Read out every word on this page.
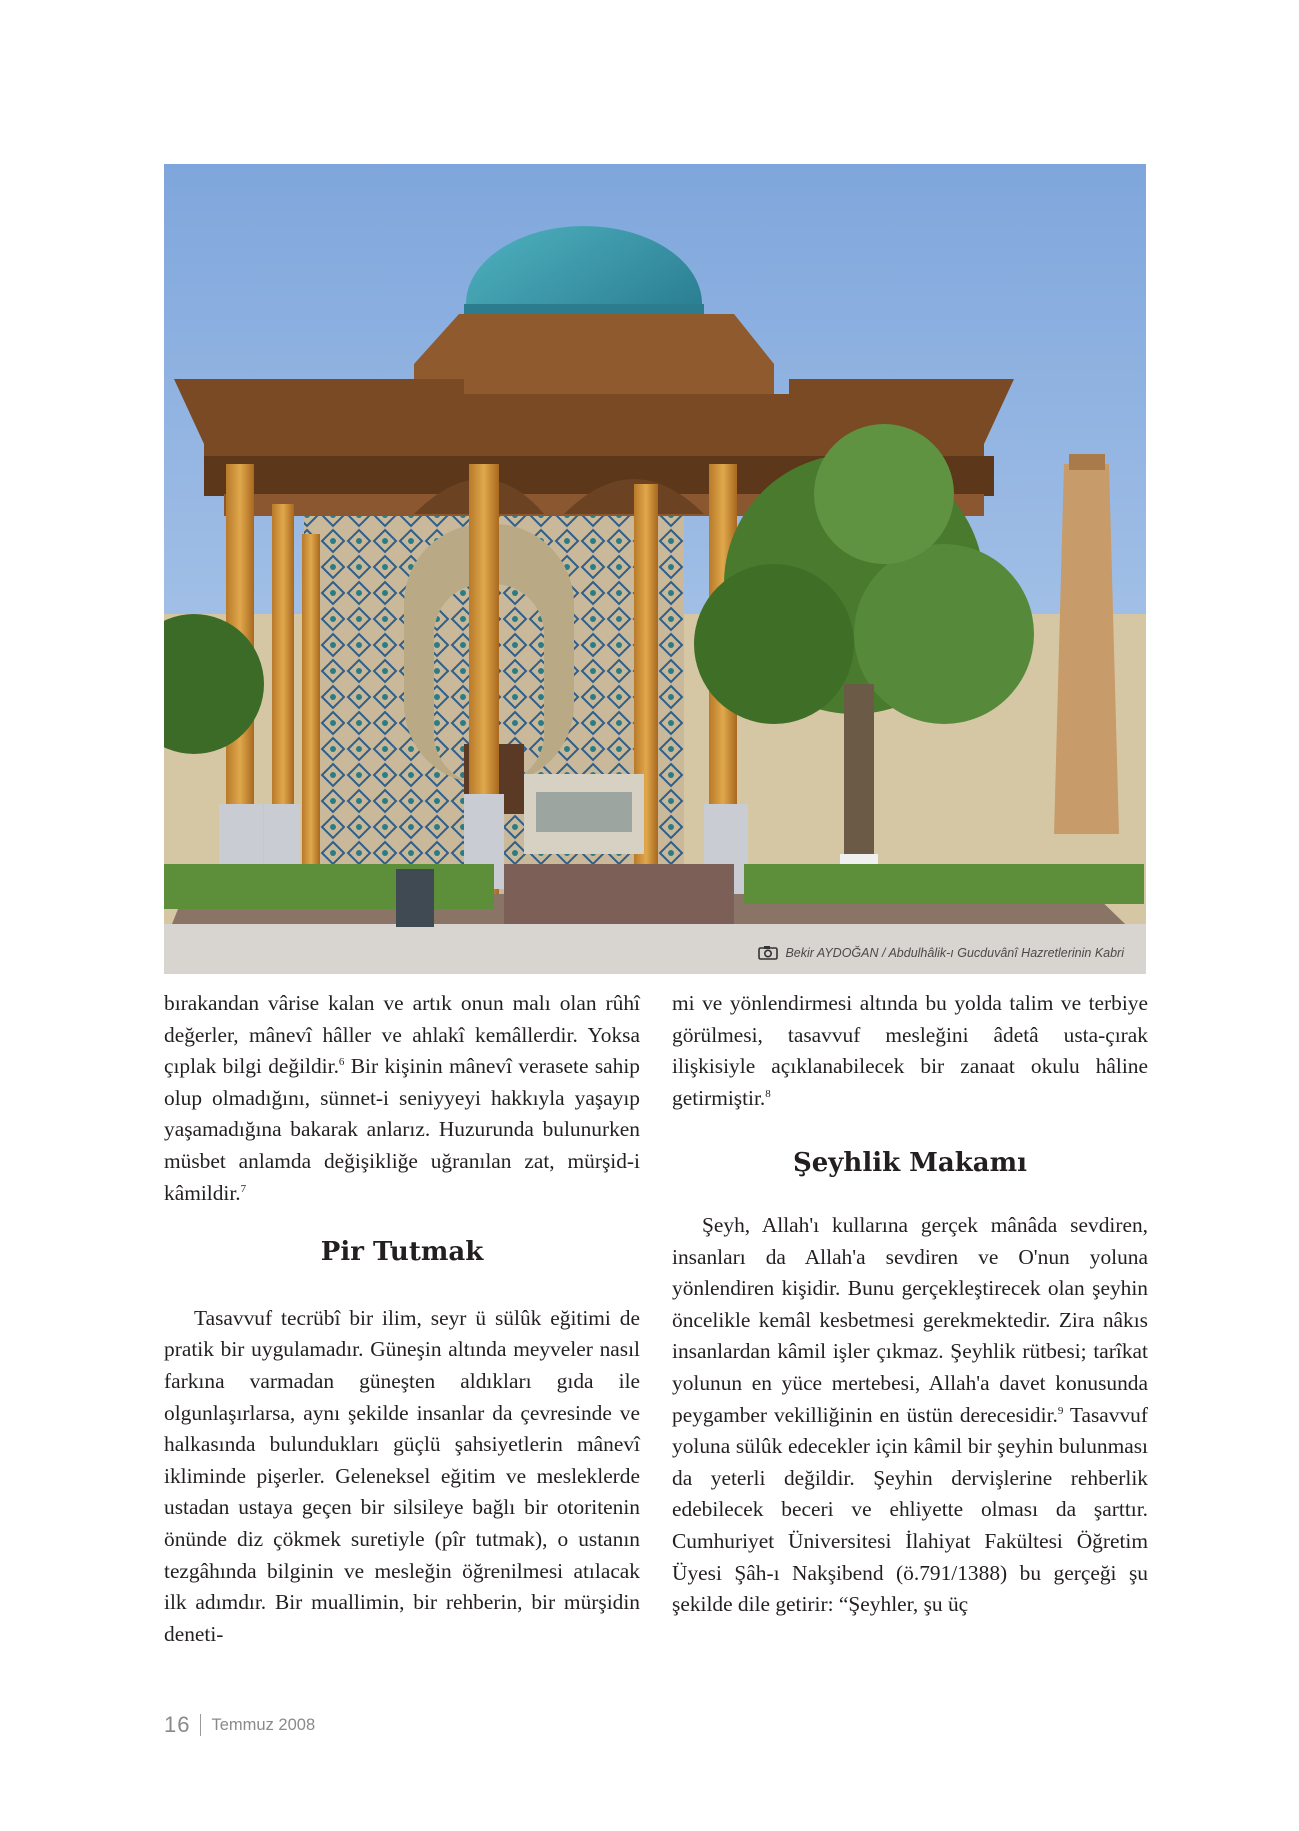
Bekir AYDOĞAN / Abdulhâlik-ı Gucduvânî Hazretlerinin Kabri

bırakandan vârise kalan ve artık onun malı olan rûhî değerler, mânevî hâller ve ahlakî kemâllerdir. Yoksa çıplak bilgi değildir.$^6$ Bir kişinin mânevî verasete sahip olup olmadığını, sünnet-i seniyyeyi hakkıyla yaşayıp yaşamadığına bakarak anlarız. Huzurunda bulunurken müsbet anlamda değişikliğe uğranılan zat, mürşid-i kâmildir.$^7$

Pir Tutmak

Tasavvuf tecrübî bir ilim, seyr ü sülûk eğitimi de pratik bir uygulamadır. Güneşin altında meyveler nasıl farkına varmadan güneşten aldıkları gıda ile olgunlaşırlarsa, aynı şekilde insanlar da çevresinde ve halkasında bulundukları güçlü şahsiyetlerin mânevî ikliminde pişerler. Geleneksel eğitim ve mesleklerde ustadan ustaya geçen bir silsileye bağlı bir otoritenin önünde diz çökmek suretiyle (pîr tutmak), o ustanın tezgâhında bilginin ve mesleğin öğrenilmesi atılacak ilk adımdır. Bir muallimin, bir rehberin, bir mürşidin deneti-

mi ve yönlendirmesi altında bu yolda talim ve terbiye görülmesi, tasavvuf mesleğini âdetâ usta-çırak ilişkisiyle açıklanabilecek bir zanaat okulu hâline getirmiştir.$^8$

Şeyhlik Makamı

Şeyh, Allah'ı kullarına gerçek mânâda sevdiren, insanları da Allah'a sevdiren ve O'nun yoluna yönlendiren kişidir. Bunu gerçekleştirecek olan şeyhin öncelikle kemâl kesbetmesi gerekmektedir. Zira nâkıs insanlardan kâmil işler çıkmaz. Şeyhlik rütbesi; tarîkat yolunun en yüce mertebesi, Allah'a davet konusunda peygamber vekilliğinin en üstün derecesidir.$^9$ Tasavvuf yoluna sülûk edecekler için kâmil bir şeyhin bulunması da yeterli değildir. Şeyhin dervişlerine rehberlik edebilecek beceri ve ehliyette olması da şarttır. Cumhuriyet Üniversitesi İlahiyat Fakültesi Öğretim Üyesi Şâh-ı Nakşibend (ö.791/1388) bu gerçeği şu şekilde dile getirir: “Şeyhler, şu üç

16 Temmuz 2008
